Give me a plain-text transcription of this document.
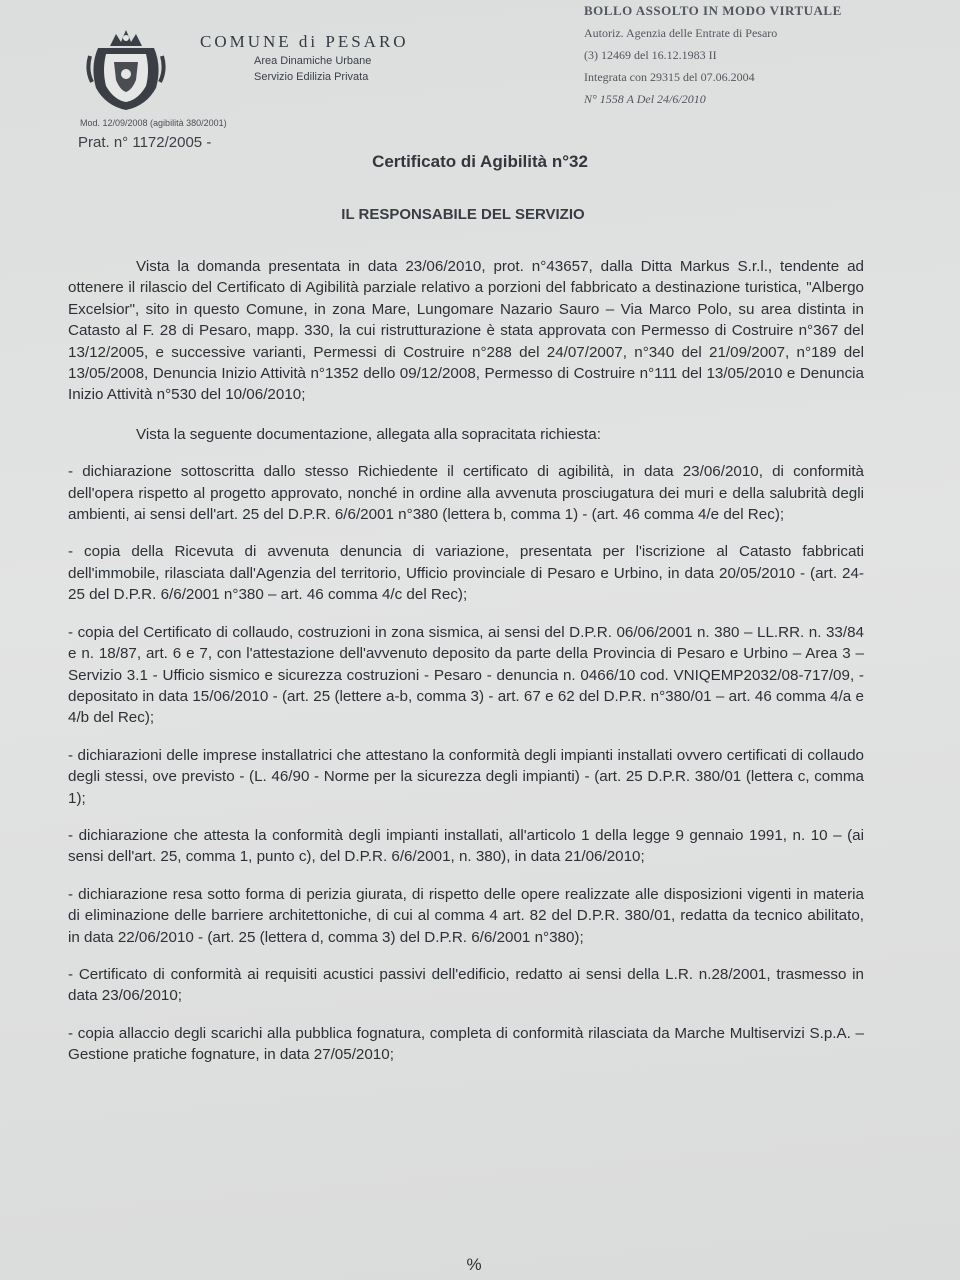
COMUNE di PESARO

Area Dinamiche Urbane
Servizio Edilizia Privata
BOLLO ASSOLTO IN MODO VIRTUALE
Autoriz. Agenzia delle Entrate di Pesaro
(3) 12469 del 16.12.1983 II
Integrata con 29315 del 07.06.2004
N° 1558 A Del 24/6/2010
Mod. 12/09/2008 (agibilità 380/2001)
Prat. n° 1172/2005 -
Certificato di Agibilità n°32
IL RESPONSABILE DEL SERVIZIO

Vista la domanda presentata in data 23/06/2010, prot. n°43657, dalla Ditta Markus S.r.l., tendente ad ottenere il rilascio del Certificato di Agibilità parziale relativo a porzioni del fabbricato a destinazione turistica, "Albergo Excelsior", sito in questo Comune, in zona Mare, Lungomare Nazario Sauro – Via Marco Polo, su area distinta in Catasto al F. 28 di Pesaro, mapp. 330, la cui ristrutturazione è stata approvata con Permesso di Costruire n°367 del 13/12/2005, e successive varianti, Permessi di Costruire n°288 del 24/07/2007, n°340 del 21/09/2007, n°189 del 13/05/2008, Denuncia Inizio Attività n°1352 dello 09/12/2008, Permesso di Costruire n°111 del 13/05/2010 e Denuncia Inizio Attività n°530 del 10/06/2010;

Vista la seguente documentazione, allegata alla sopracitata richiesta:

- dichiarazione sottoscritta dallo stesso Richiedente il certificato di agibilità, in data 23/06/2010, di conformità dell'opera rispetto al progetto approvato, nonché in ordine alla avvenuta prosciugatura dei muri e della salubrità degli ambienti, ai sensi dell'art. 25 del D.P.R. 6/6/2001 n°380 (lettera b, comma 1) - (art. 46 comma 4/e del Rec);

- copia della Ricevuta di avvenuta denuncia di variazione, presentata per l'iscrizione al Catasto fabbricati dell'immobile, rilasciata dall'Agenzia del territorio, Ufficio provinciale di Pesaro e Urbino, in data 20/05/2010 - (art. 24-25 del D.P.R. 6/6/2001 n°380 – art. 46 comma 4/c del Rec);

- copia del Certificato di collaudo, costruzioni in zona sismica, ai sensi del D.P.R. 06/06/2001 n. 380 – LL.RR. n. 33/84 e n. 18/87, art. 6 e 7, con l'attestazione dell'avvenuto deposito da parte della Provincia di Pesaro e Urbino – Area 3 – Servizio 3.1 - Ufficio sismico e sicurezza costruzioni - Pesaro - denuncia n. 0466/10 cod. VNIQEMP2032/08-717/09, - depositato in data 15/06/2010 - (art. 25 (lettere a-b, comma 3) - art. 67 e 62 del D.P.R. n°380/01 – art. 46 comma 4/a e 4/b del Rec);

- dichiarazioni delle imprese installatrici che attestano la conformità degli impianti installati ovvero certificati di collaudo degli stessi, ove previsto - (L. 46/90 - Norme per la sicurezza degli impianti) - (art. 25 D.P.R. 380/01 (lettera c, comma 1);

- dichiarazione che attesta la conformità degli impianti installati, all'articolo 1 della legge 9 gennaio 1991, n. 10 – (ai sensi dell'art. 25, comma 1, punto c), del D.P.R. 6/6/2001, n. 380), in data 21/06/2010;

- dichiarazione resa sotto forma di perizia giurata, di rispetto delle opere realizzate alle disposizioni vigenti in materia di eliminazione delle barriere architettoniche, di cui al comma 4 art. 82 del D.P.R. 380/01, redatta da tecnico abilitato, in data 22/06/2010 - (art. 25 (lettera d, comma 3) del D.P.R. 6/6/2001 n°380);

- Certificato di conformità ai requisiti acustici passivi dell'edificio, redatto ai sensi della L.R. n.28/2001, trasmesso in data 23/06/2010;

- copia allaccio degli scarichi alla pubblica fognatura, completa di conformità rilasciata da Marche Multiservizi S.p.A. – Gestione pratiche fognature, in data 27/05/2010;

%
